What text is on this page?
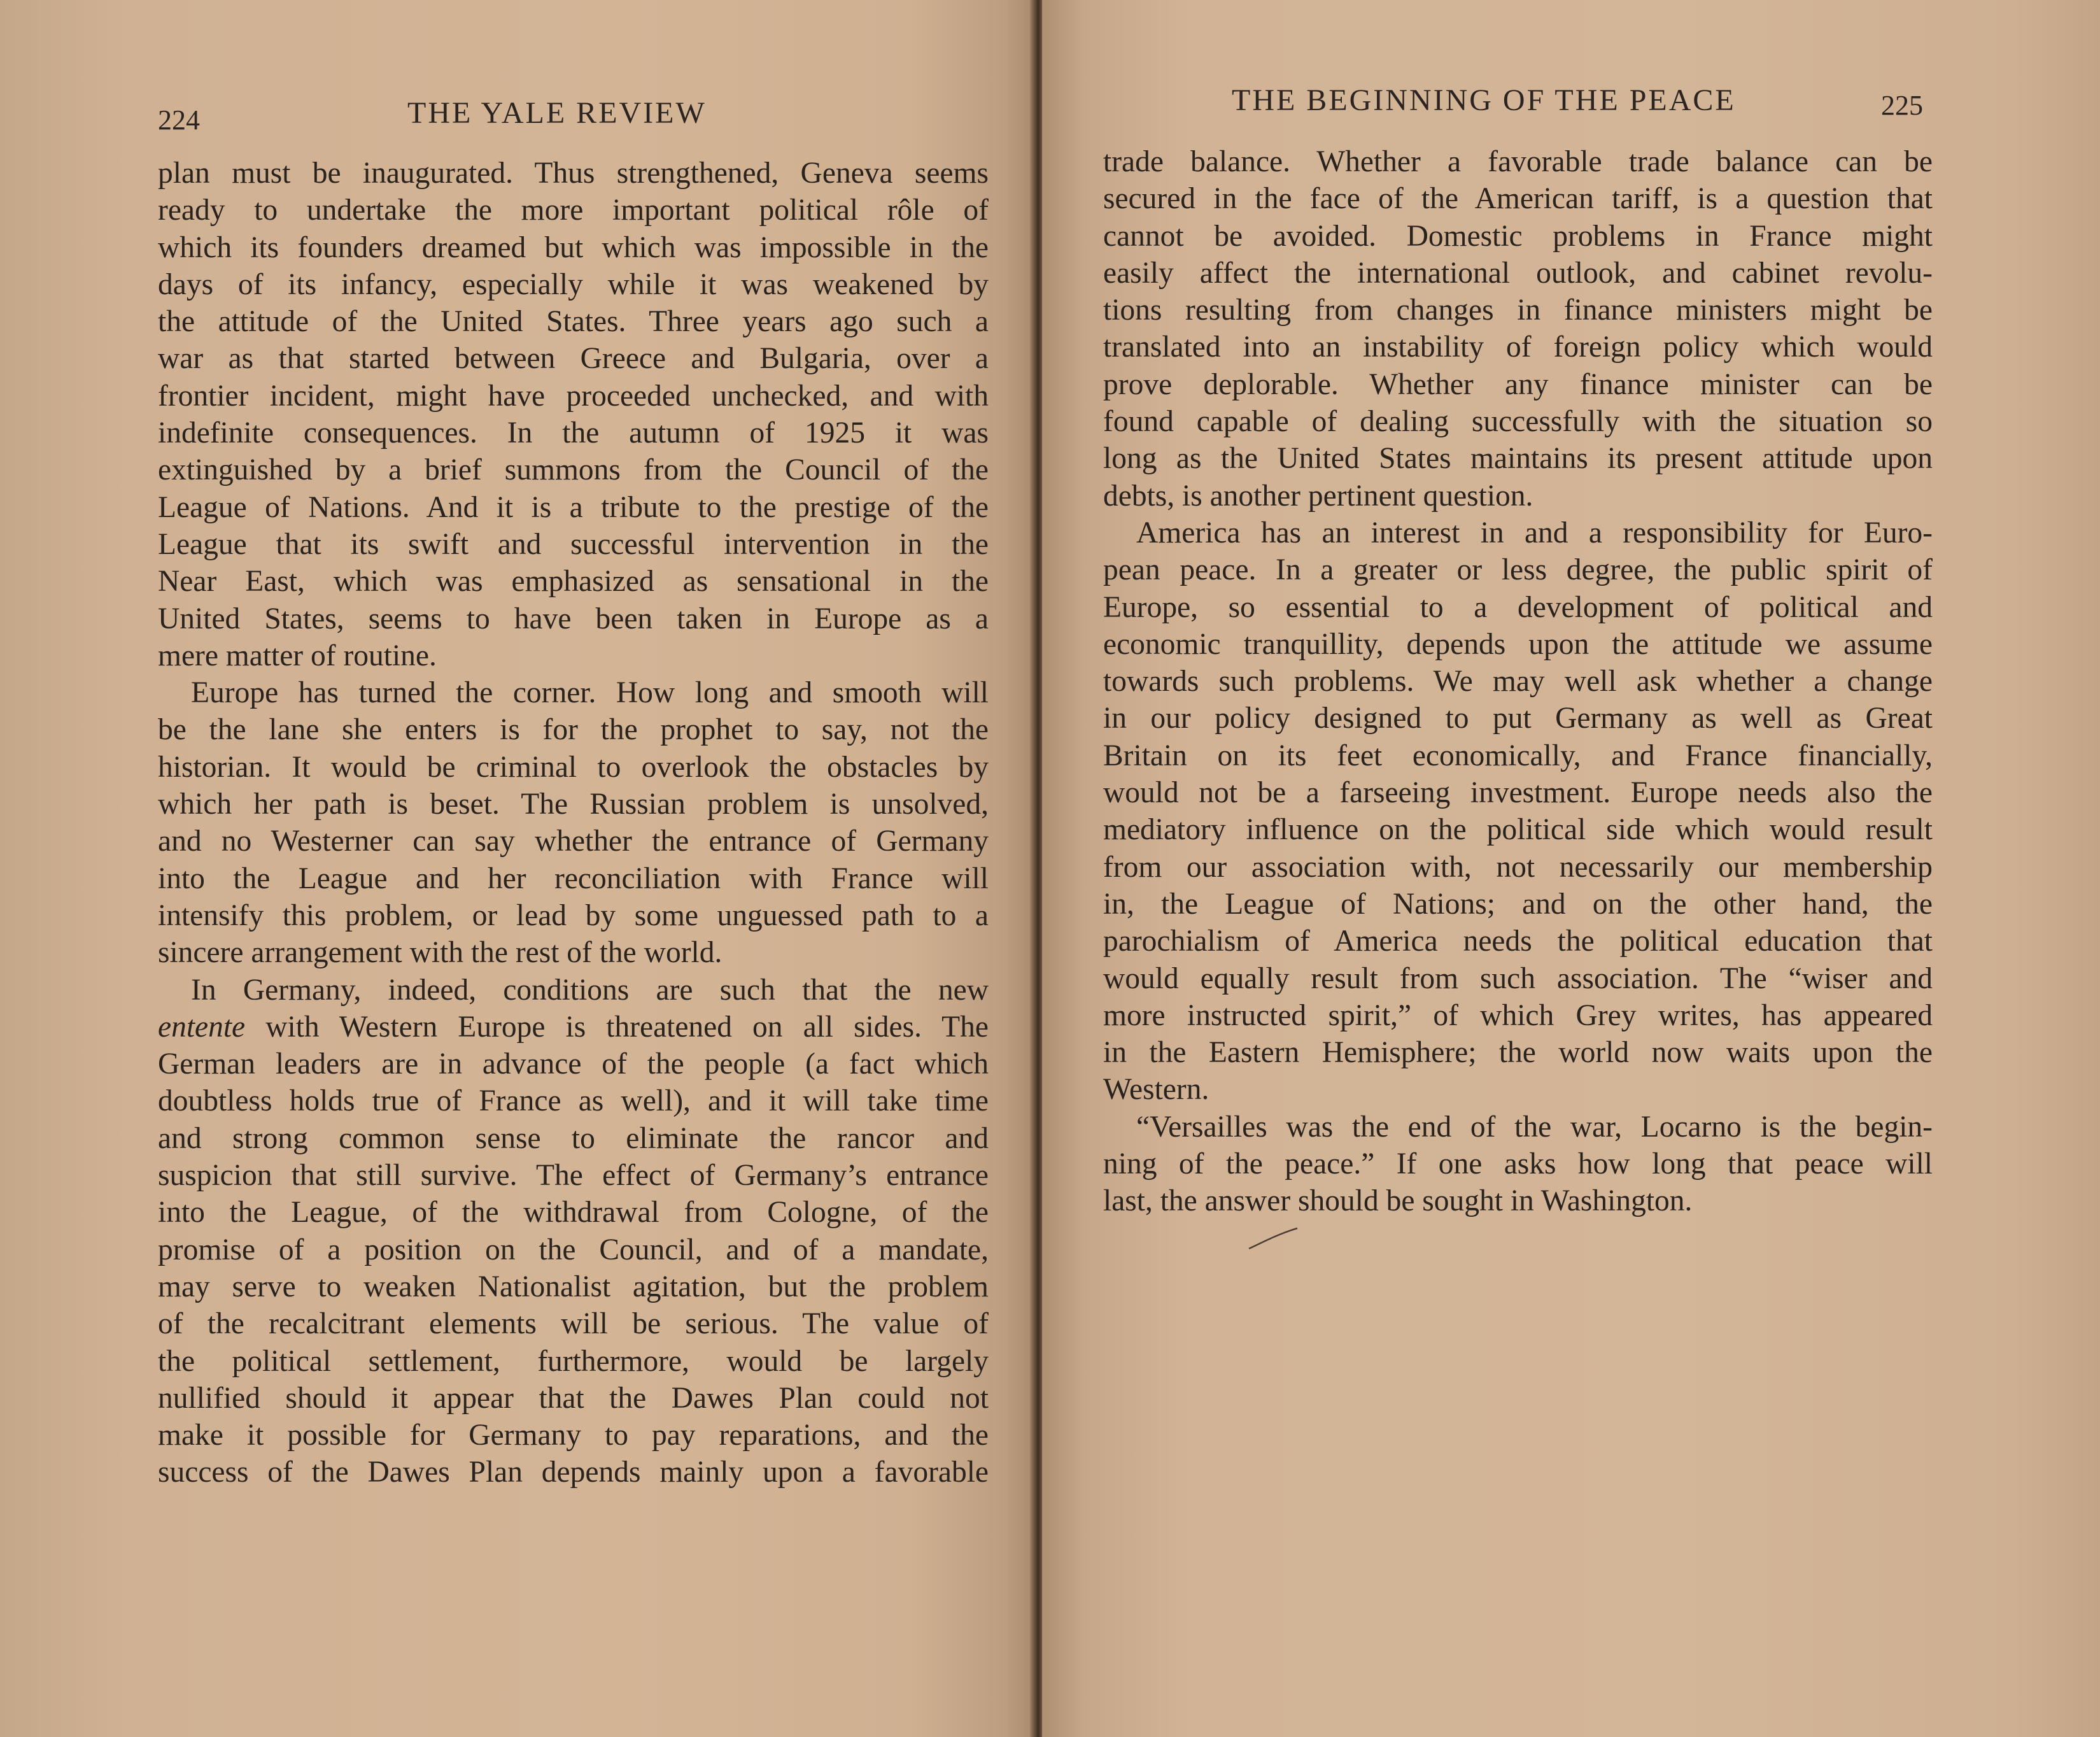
224	THE YALE REVIEW
plan must be inaugurated. Thus strengthened, Geneva seems
ready to undertake the more important political rôle of
which its founders dreamed but which was impossible in the
days of its infancy, especially while it was weakened by
the attitude of the United States. Three years ago such a
war as that started between Greece and Bulgaria, over a
frontier incident, might have proceeded unchecked, and with
indefinite consequences. In the autumn of 1925 it was
extinguished by a brief summons from the Council of the
League of Nations. And it is a tribute to the prestige of the
League that its swift and successful intervention in the
Near East, which was emphasized as sensational in the
United States, seems to have been taken in Europe as a
mere matter of routine.
Europe has turned the corner. How long and smooth will
be the lane she enters is for the prophet to say, not the
historian. It would be criminal to overlook the obstacles by
which her path is beset. The Russian problem is unsolved,
and no Westerner can say whether the entrance of Germany
into the League and her reconciliation with France will
intensify this problem, or lead by some unguessed path to a
sincere arrangement with the rest of the world.
In Germany, indeed, conditions are such that the new
entente with Western Europe is threatened on all sides. The
German leaders are in advance of the people (a fact which
doubtless holds true of France as well), and it will take time
and strong common sense to eliminate the rancor and
suspicion that still survive. The effect of Germany’s entrance
into the League, of the withdrawal from Cologne, of the
promise of a position on the Council, and of a mandate,
may serve to weaken Nationalist agitation, but the problem
of the recalcitrant elements will be serious. The value of
the political settlement, furthermore, would be largely
nullified should it appear that the Dawes Plan could not
make it possible for Germany to pay reparations, and the
success of the Dawes Plan depends mainly upon a favorable
THE BEGINNING OF THE PEACE	225
trade balance. Whether a favorable trade balance can be
secured in the face of the American tariff, is a question that
cannot be avoided. Domestic problems in France might
easily affect the international outlook, and cabinet revolu-
tions resulting from changes in finance ministers might be
translated into an instability of foreign policy which would
prove deplorable. Whether any finance minister can be
found capable of dealing successfully with the situation so
long as the United States maintains its present attitude upon
debts, is another pertinent question.
America has an interest in and a responsibility for Euro-
pean peace. In a greater or less degree, the public spirit of
Europe, so essential to a development of political and
economic tranquillity, depends upon the attitude we assume
towards such problems. We may well ask whether a change
in our policy designed to put Germany as well as Great
Britain on its feet economically, and France financially,
would not be a farseeing investment. Europe needs also the
mediatory influence on the political side which would result
from our association with, not necessarily our membership
in, the League of Nations; and on the other hand, the
parochialism of America needs the political education that
would equally result from such association. The “wiser and
more instructed spirit,” of which Grey writes, has appeared
in the Eastern Hemisphere; the world now waits upon the
Western.
“Versailles was the end of the war, Locarno is the begin-
ning of the peace.” If one asks how long that peace will
last, the answer should be sought in Washington.
